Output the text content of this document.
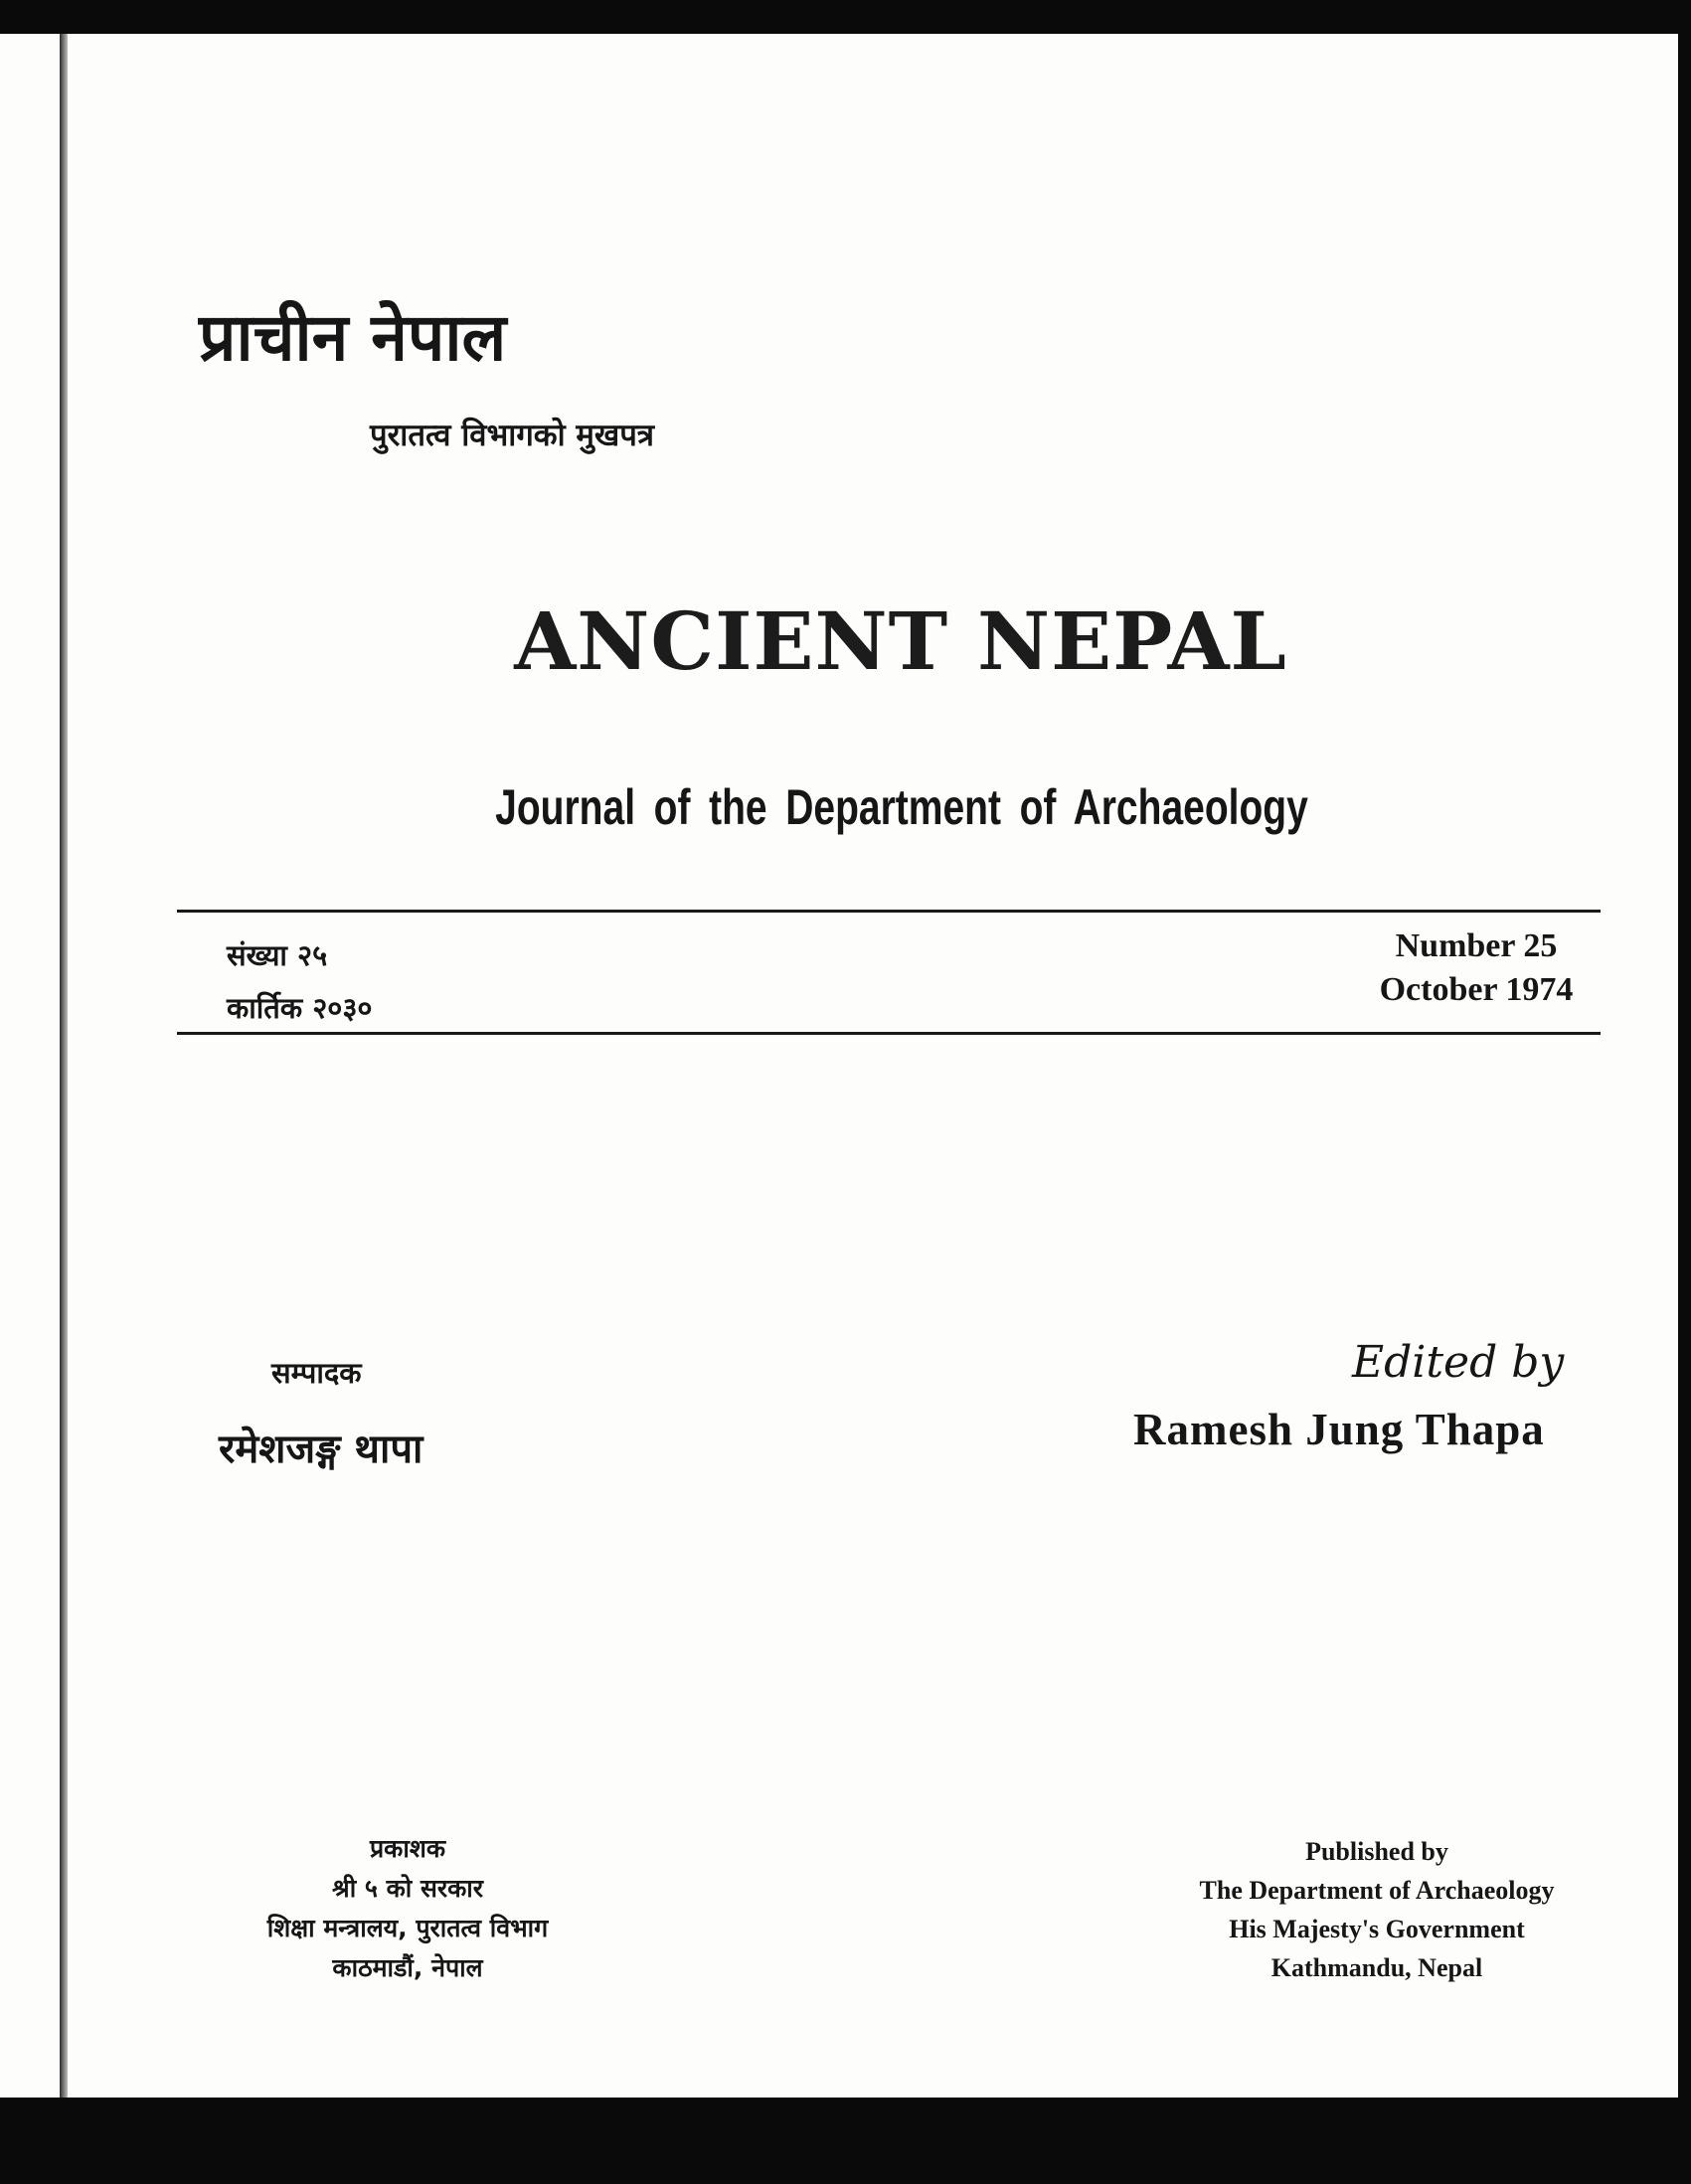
प्राचीन नेपाल
पुरातत्व विभागको मुखपत्र
ANCIENT NEPAL
Journal of the Department of Archaeology
संख्या २५
कार्तिक २०३०
Number 25
October 1974
सम्पादक
रमेशजङ्ग थापा
Edited by
Ramesh Jung Thapa
प्रकाशक
श्री ५ को सरकार
शिक्षा मन्त्रालय, पुरातत्व विभाग
काठमाडौं, नेपाल
Published by
The Department of Archaeology
His Majesty's Government
Kathmandu, Nepal
